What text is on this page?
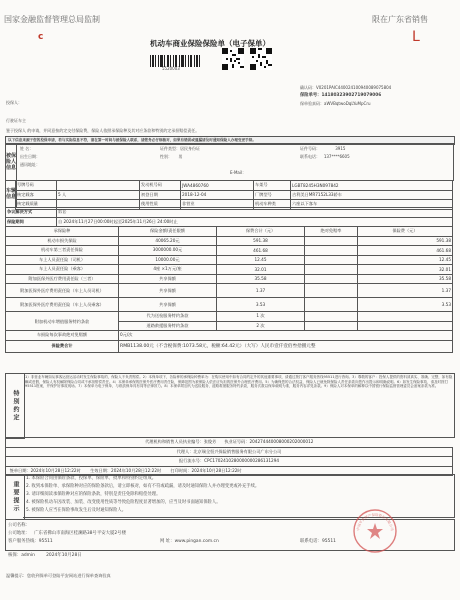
国家金融监督管理总局监制	限在广东省销售
c	L
机动车商业保险保险单（电子保单）
5520003
确认码：V0201PAIC440024100940089075804
保险单号：14180323902719079006
保单验真码：aWVBqtwoDqLYuMpCru
投保人：
行驶证车主
鉴于投保人 的申请，并同意按约定交付保险费，保险人依照承保险种及其对应条款和特别约定承担赔偿责任。
以下信息来源于您的投保申请，若与实际信息不符，请在第一时间与被保险人联系，请您务必仔细核对，如果有错误或遗漏请及时通知保险人办理变更手续。
被保险人信息
姓 名：	证件类型：居民身份证	证件号码：	3915
出生日期：	性别： 男	联系电话： 137****6605
通讯地址：
E-Mail：
车辆信息
号牌号码		发动机号码	JWA4860760	车架号	LGBT8245H3N097842
核定载客	5 人	初登日期	2018-12-04	厂牌型号	吉利美日MR7152L33轿车
核定载质量		使用性质	非营业	机动车种类	六座以下客车
争议解决方式	诉讼
保险期间	自 2024年11月27日00:00时起至2025年11月26日 24:00时止
承保险种	保险金额/责任限额	保费合计（元）	绝对免赔率	保险费（元）
机动车损失保险	40065.20元	591.38		591.38
机动车第三者责任保险	3000000.00元	461.68		461.68
车上人员责任险（司机）	10000.00元	12.45		12.45
车上人员责任险（乘客）	4座 ×1万元/座	32.01		32.01
附加医保外医疗费用责任险（三者）	共享保额	35.58		35.58
附加医保外医疗费用责任险（车上人员司机）	共享保额	1.37		1.37
附加医保外医疗费用责任险（车上人员乘客）	共享保额	3.53		3.53
附加机动车增值服务特约条款	代为送检服务特约条款	1 次		
	道路救援服务特约条款	2 次		
车损险每次事故绝对免赔额	0元/次			
保险费合计	RMB1138.00元（不含税保费:1073.58元，税额:64.42元）（大写）人民币壹仟壹佰叁拾捌元整			
特别约定
1）非营业车辆如从事客运营运活动时发生保险事故的，保险人不负责赔偿。2）本保单项下，各险种的承保险种费率为：在购买使用中如有合同约定外的其他重要事项，请通过拨打客户服务热线95511进行咨询。3）尊敬的客户：投保人提供的资料须真实、准确、完整，如有隐瞒或虚假，保险人有权解除保险合同或不承担赔偿责任。4）本保单承保的医保外医疗费用责任险，保障范围为被保险人依法应负担的医保外合理医疗费用。5）为确保您的合法权益，保险人已就免除保险人责任条款向您作出提示和明确说明。6）如发生保险事故，请及时拨打95511报案，并保护好事故现场。7）本保单为电子保单，与纸质保单具有同等法律效力。8）本保单附加代为送检服务、道路救援服务特约条款，服务次数以保单载明为准，服务内容详见条款。9）保险人对本保单的解释以中国银行保险监督管理委员会备案条款为准。
代理机构和销售人员执业编号：张俊芳 执业证号码：204274440008000202000012
代理人：北京瑞全恒兴保险销售服务有限公司广东分公司
报行流水号：CPC1702410280000000286131294
签单日期：2024年10月28日12:22时 生效日期：2024年10月28日12:22时 打印时间：2024年10月28日12:22时
重要提示
1. 本保险合同由保险条款、投保单、保险单、批单和特别约定组成。
2. 收到本保险单、承保险种对应的保险条款后，请立即核对，如有不符或疏漏，请及时通知保险人并办理变更或补充手续。
3. 请详细阅读承保险种对应的保险条款，特别是责任免除和赔偿处理。
4. 被保险机动车因改装、加装、改变使用性质等导致危险程度显著增加的，应当及时书面通知保险人。
5. 被保险人应当在保险事故发生后及时通知保险人。
公司名称：
公司地址： 广东省佛山市南海区桂澜路38号平安大厦2号楼
客户服务热线：95511	网 址：www.pingan.com.cn	联系电话：95511
中国平安财产保险股份有限公司
核保：admin	2024年10月28日
温馨提示：您收到保单可登陆平安网站进行保单查询验真
